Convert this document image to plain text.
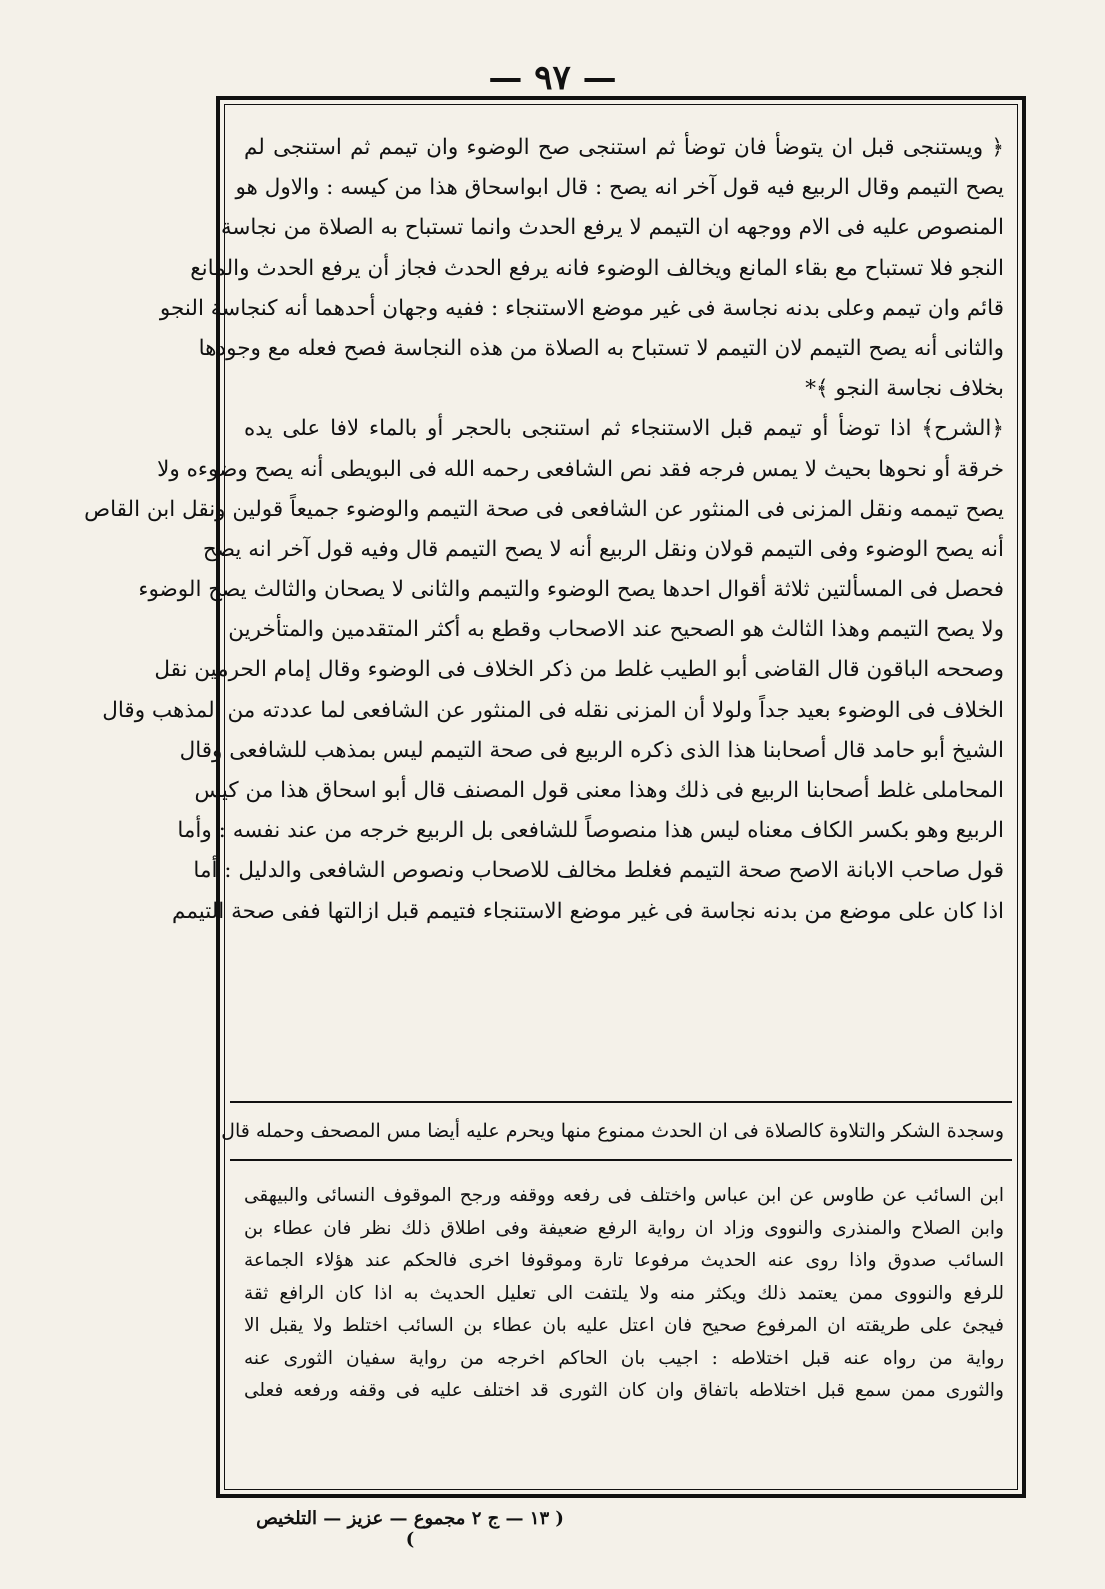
— ٩٧ —
﴿ ويستنجى قبل ان يتوضأ فان توضأ ثم استنجى صح الوضوء وان تيمم ثم استنجى لم
يصح التيمم وقال الربيع فيه قول آخر انه يصح : قال ابواسحاق هذا من كيسه : والاول هو
المنصوص عليه فى الام ووجهه ان التيمم لا يرفع الحدث وانما تستباح به الصلاة من نجاسة
النجو فلا تستباح مع بقاء المانع ويخالف الوضوء فانه يرفع الحدث فجاز أن يرفع الحدث والمانع
قائم وان تيمم وعلى بدنه نجاسة فى غير موضع الاستنجاء : ففيه وجهان أحدهما أنه كنجاسة النجو
والثانى أنه يصح التيمم لان التيمم لا تستباح به الصلاة من هذه النجاسة فصح فعله مع وجودها
بخلاف نجاسة النجو ﴾*
﴿الشرح﴾ اذا توضأ أو تيمم قبل الاستنجاء ثم استنجى بالحجر أو بالماء لافا على يده
خرقة أو نحوها بحيث لا يمس فرجه فقد نص الشافعى رحمه الله فى البويطى أنه يصح وضوءه ولا
يصح تيممه ونقل المزنى فى المنثور عن الشافعى فى صحة التيمم والوضوء جميعاً قولين ونقل ابن القاص
أنه يصح الوضوء وفى التيمم قولان ونقل الربيع أنه لا يصح التيمم قال وفيه قول آخر انه يصح
فحصل فى المسألتين ثلاثة أقوال احدها يصح الوضوء والتيمم والثانى لا يصحان والثالث يصح الوضوء
ولا يصح التيمم وهذا الثالث هو الصحيح عند الاصحاب وقطع به أكثر المتقدمين والمتأخرين
وصححه الباقون قال القاضى أبو الطيب غلط من ذكر الخلاف فى الوضوء وقال إمام الحرمين نقل
الخلاف فى الوضوء بعيد جداً ولولا أن المزنى نقله فى المنثور عن الشافعى لما عددته من المذهب وقال
الشيخ أبو حامد قال أصحابنا هذا الذى ذكره الربيع فى صحة التيمم ليس بمذهب للشافعى وقال
المحاملى غلط أصحابنا الربيع فى ذلك وهذا معنى قول المصنف قال أبو اسحاق هذا من كيس
الربيع وهو بكسر الكاف معناه ليس هذا منصوصاً للشافعى بل الربيع خرجه من عند نفسه : وأما
قول صاحب الابانة الاصح صحة التيمم فغلط مخالف للاصحاب ونصوص الشافعى والدليل : أما
اذا كان على موضع من بدنه نجاسة فى غير موضع الاستنجاء فتيمم قبل ازالتها ففى صحة التيمم
وسجدة الشكر والتلاوة كالصلاة فى ان الحدث ممنوع منها ويحرم عليه أيضا مس المصحف وحمله قال
ابن السائب عن طاوس عن ابن عباس واختلف فى رفعه ووقفه ورجح الموقوف النسائى والبيهقى
وابن الصلاح والمنذرى والنووى وزاد ان رواية الرفع ضعيفة وفى اطلاق ذلك نظر فان عطاء بن
السائب صدوق واذا روى عنه الحديث مرفوعا تارة وموقوفا اخرى فالحكم عند هؤلاء الجماعة
للرفع والنووى ممن يعتمد ذلك ويكثر منه ولا يلتفت الى تعليل الحديث به اذا كان الرافع ثقة
فيجئ على طريقته ان المرفوع صحيح فان اعتل عليه بان عطاء بن السائب اختلط ولا يقبل الا
رواية من رواه عنه قبل اختلاطه : اجيب بان الحاكم اخرجه من رواية سفيان الثورى عنه
والثورى ممن سمع قبل اختلاطه باتفاق وان كان الثورى قد اختلف عليه فى وقفه ورفعه فعلى
( ١٣ — ج ٢ مجموع — عزيز — التلخيص )
